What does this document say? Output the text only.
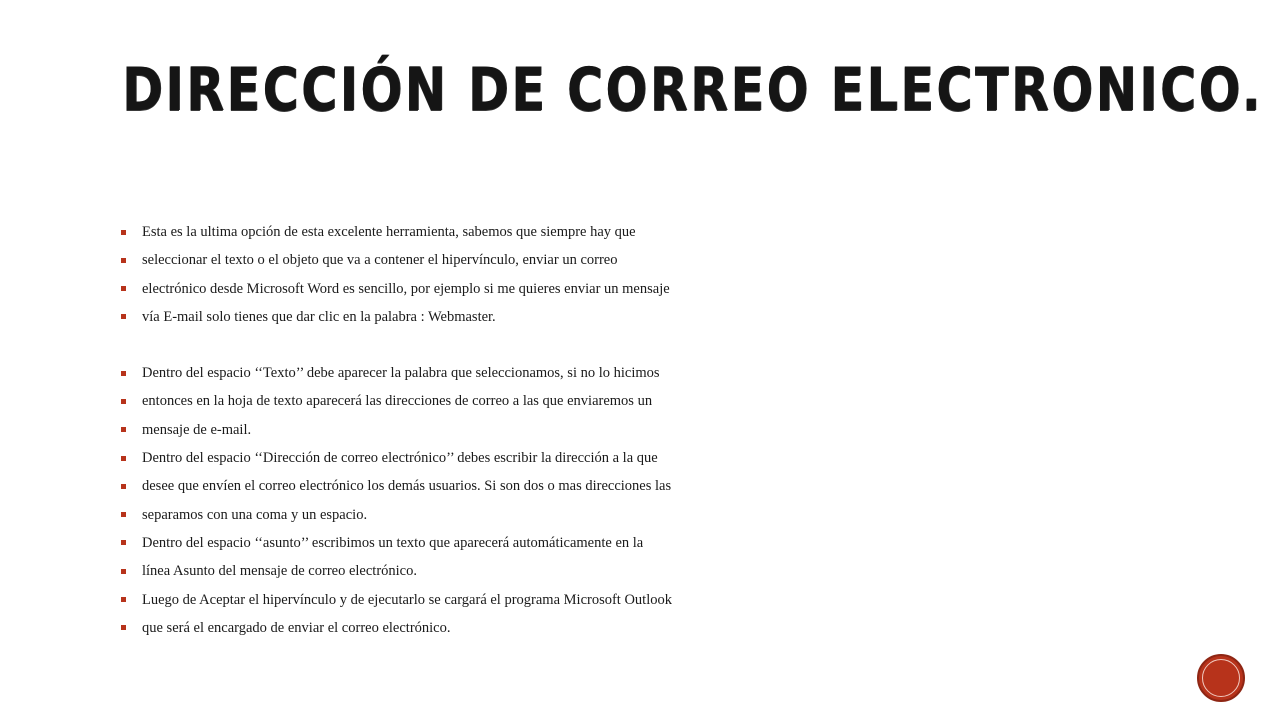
DIRECCIÓN DE CORREO ELECTRONICO.
Esta es la ultima opción de esta excelente herramienta, sabemos que siempre hay que
seleccionar el texto o el objeto que va a contener el hipervínculo, enviar un correo
electrónico desde Microsoft Word es sencillo, por ejemplo si me quieres enviar un mensaje
vía E-mail solo tienes que dar clic en la palabra : Webmaster.
Dentro del espacio ‘‘Texto’’ debe aparecer la palabra que seleccionamos, si no lo hicimos
entonces en la hoja de texto aparecerá las direcciones de correo a las que enviaremos un
mensaje de e-mail.
Dentro del espacio ‘‘Dirección de correo electrónico’’ debes escribir la dirección a la que
desee que envíen el correo electrónico los demás usuarios. Si son dos o mas direcciones las
separamos con una coma y un espacio.
Dentro del espacio ‘‘asunto’’ escribimos un texto que aparecerá automáticamente en la
línea Asunto del mensaje de correo electrónico.
Luego de Aceptar el hipervínculo y de ejecutarlo se cargará el programa Microsoft Outlook
que será el encargado de enviar el correo electrónico.
